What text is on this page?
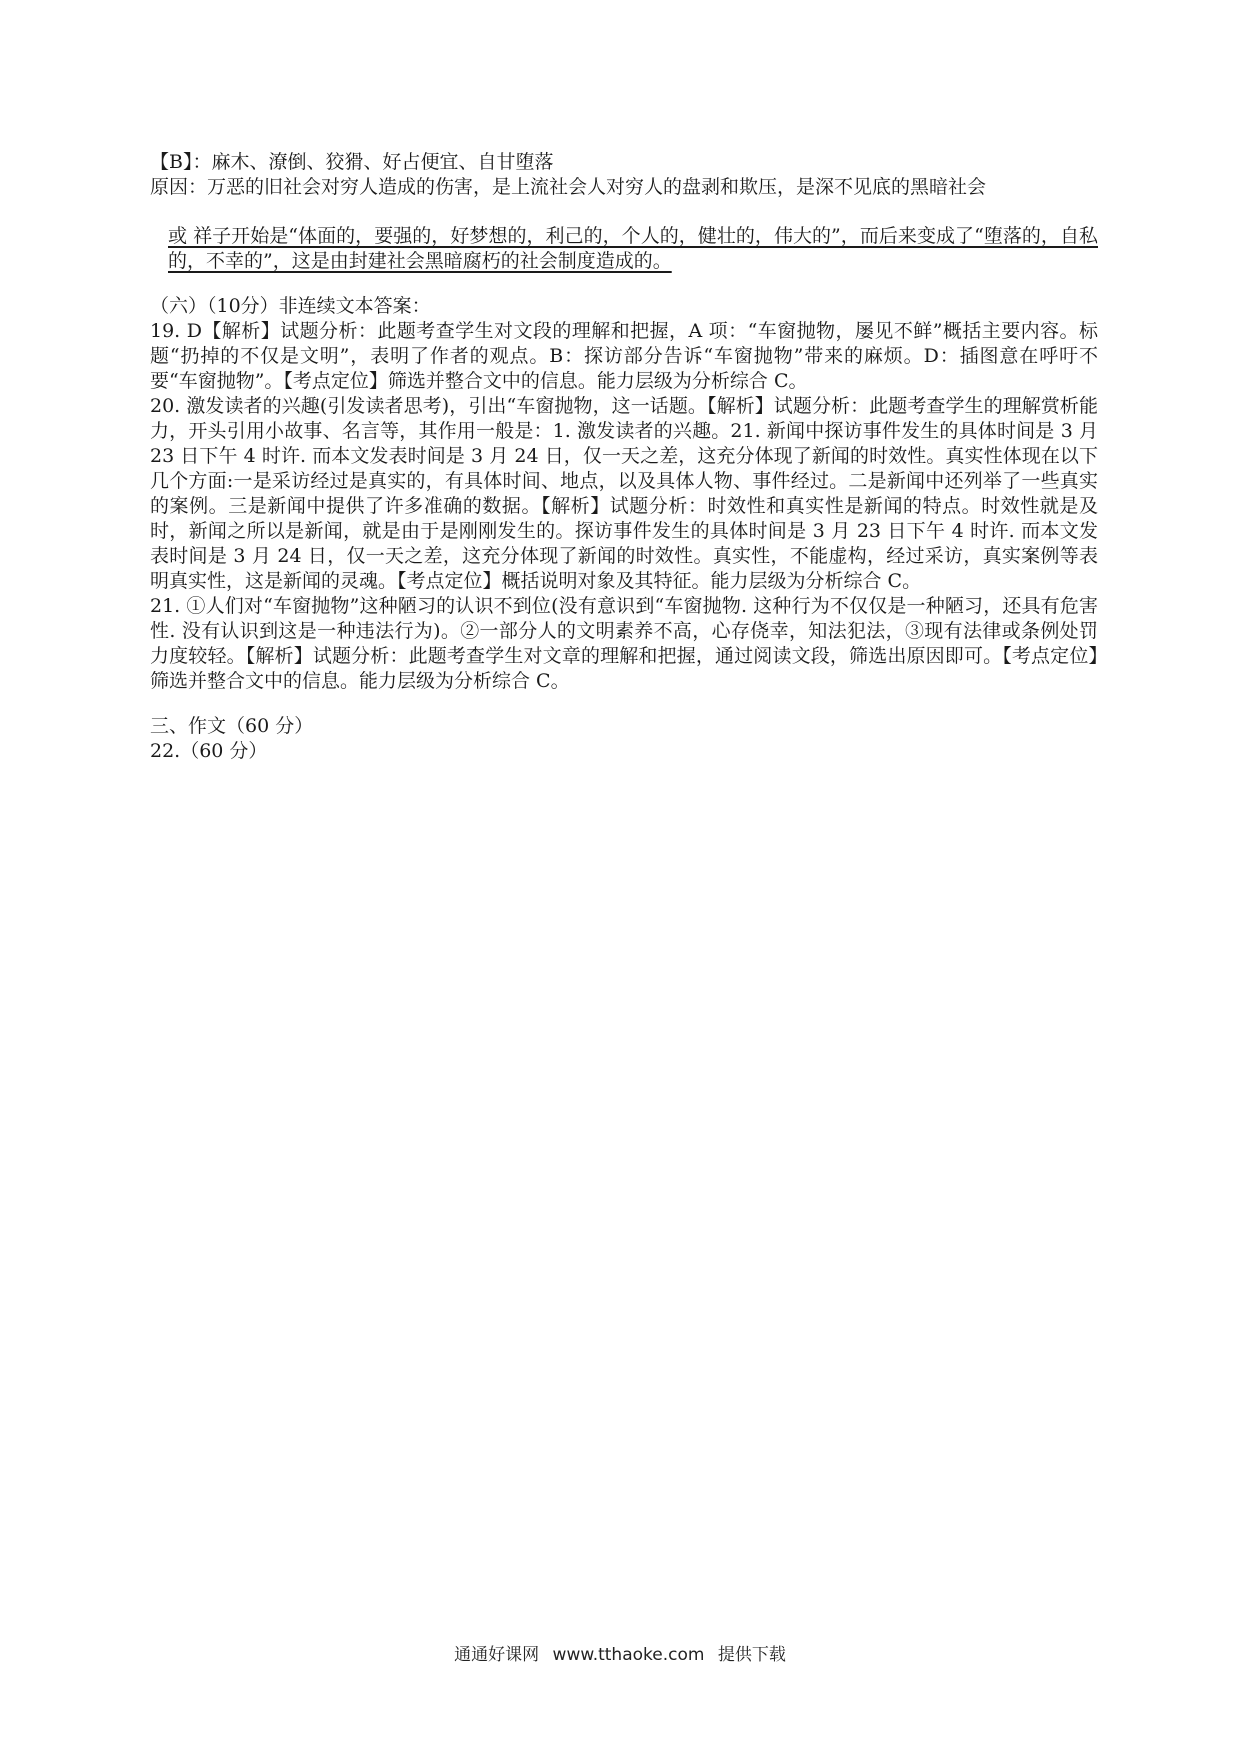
【B】：麻木、潦倒、狡猾、好占便宜、自甘堕落

原因：万恶的旧社会对穷人造成的伤害，是上流社会人对穷人的盘剥和欺压，是深不见底的黑暗社会

或 祥子开始是“体面的，要强的，好梦想的，利己的，个人的，健壮的，伟大的”，而后来变成了“堕落的，自私的，不幸的”，这是由封建社会黑暗腐朽的社会制度造成的。

（六）（10分）非连续文本答案：

19. D【解析】试题分析：此题考查学生对文段的理解和把握，A 项：“车窗抛物，屡见不鲜”概括主要内容。标题“扔掉的不仅是文明”，表明了作者的观点。B：探访部分告诉“车窗抛物”带来的麻烦。D：插图意在呼吁不要“车窗抛物”。【考点定位】筛选并整合文中的信息。能力层级为分析综合 C。

20. 激发读者的兴趣(引发读者思考)，引出“车窗抛物，这一话题。【解析】试题分析：此题考查学生的理解赏析能力，开头引用小故事、名言等，其作用一般是：1. 激发读者的兴趣。21. 新闻中探访事件发生的具体时间是 3 月 23 日下午 4 时许. 而本文发表时间是 3 月 24 日，仅一天之差，这充分体现了新闻的时效性。真实性体现在以下几个方面:一是采访经过是真实的，有具体时间、地点，以及具体人物、事件经过。二是新闻中还列举了一些真实的案例。三是新闻中提供了许多准确的数据。【解析】试题分析：时效性和真实性是新闻的特点。时效性就是及时，新闻之所以是新闻，就是由于是刚刚发生的。探访事件发生的具体时间是 3 月 23 日下午 4 时许. 而本文发表时间是 3 月 24 日，仅一天之差，这充分体现了新闻的时效性。真实性，不能虚构，经过采访，真实案例等表明真实性，这是新闻的灵魂。【考点定位】概括说明对象及其特征。能力层级为分析综合 C。

21. ①人们对“车窗抛物”这种陋习的认识不到位(没有意识到“车窗抛物. 这种行为不仅仅是一种陋习，还具有危害性. 没有认识到这是一种违法行为)。②一部分人的文明素养不高，心存侥幸，知法犯法，③现有法律或条例处罚力度较轻。【解析】试题分析：此题考查学生对文章的理解和把握，通过阅读文段，筛选出原因即可。【考点定位】筛选并整合文中的信息。能力层级为分析综合 C。

三、作文（60 分）

22.（60 分）

通通好课网 www.tthaoke.com 提供下载
